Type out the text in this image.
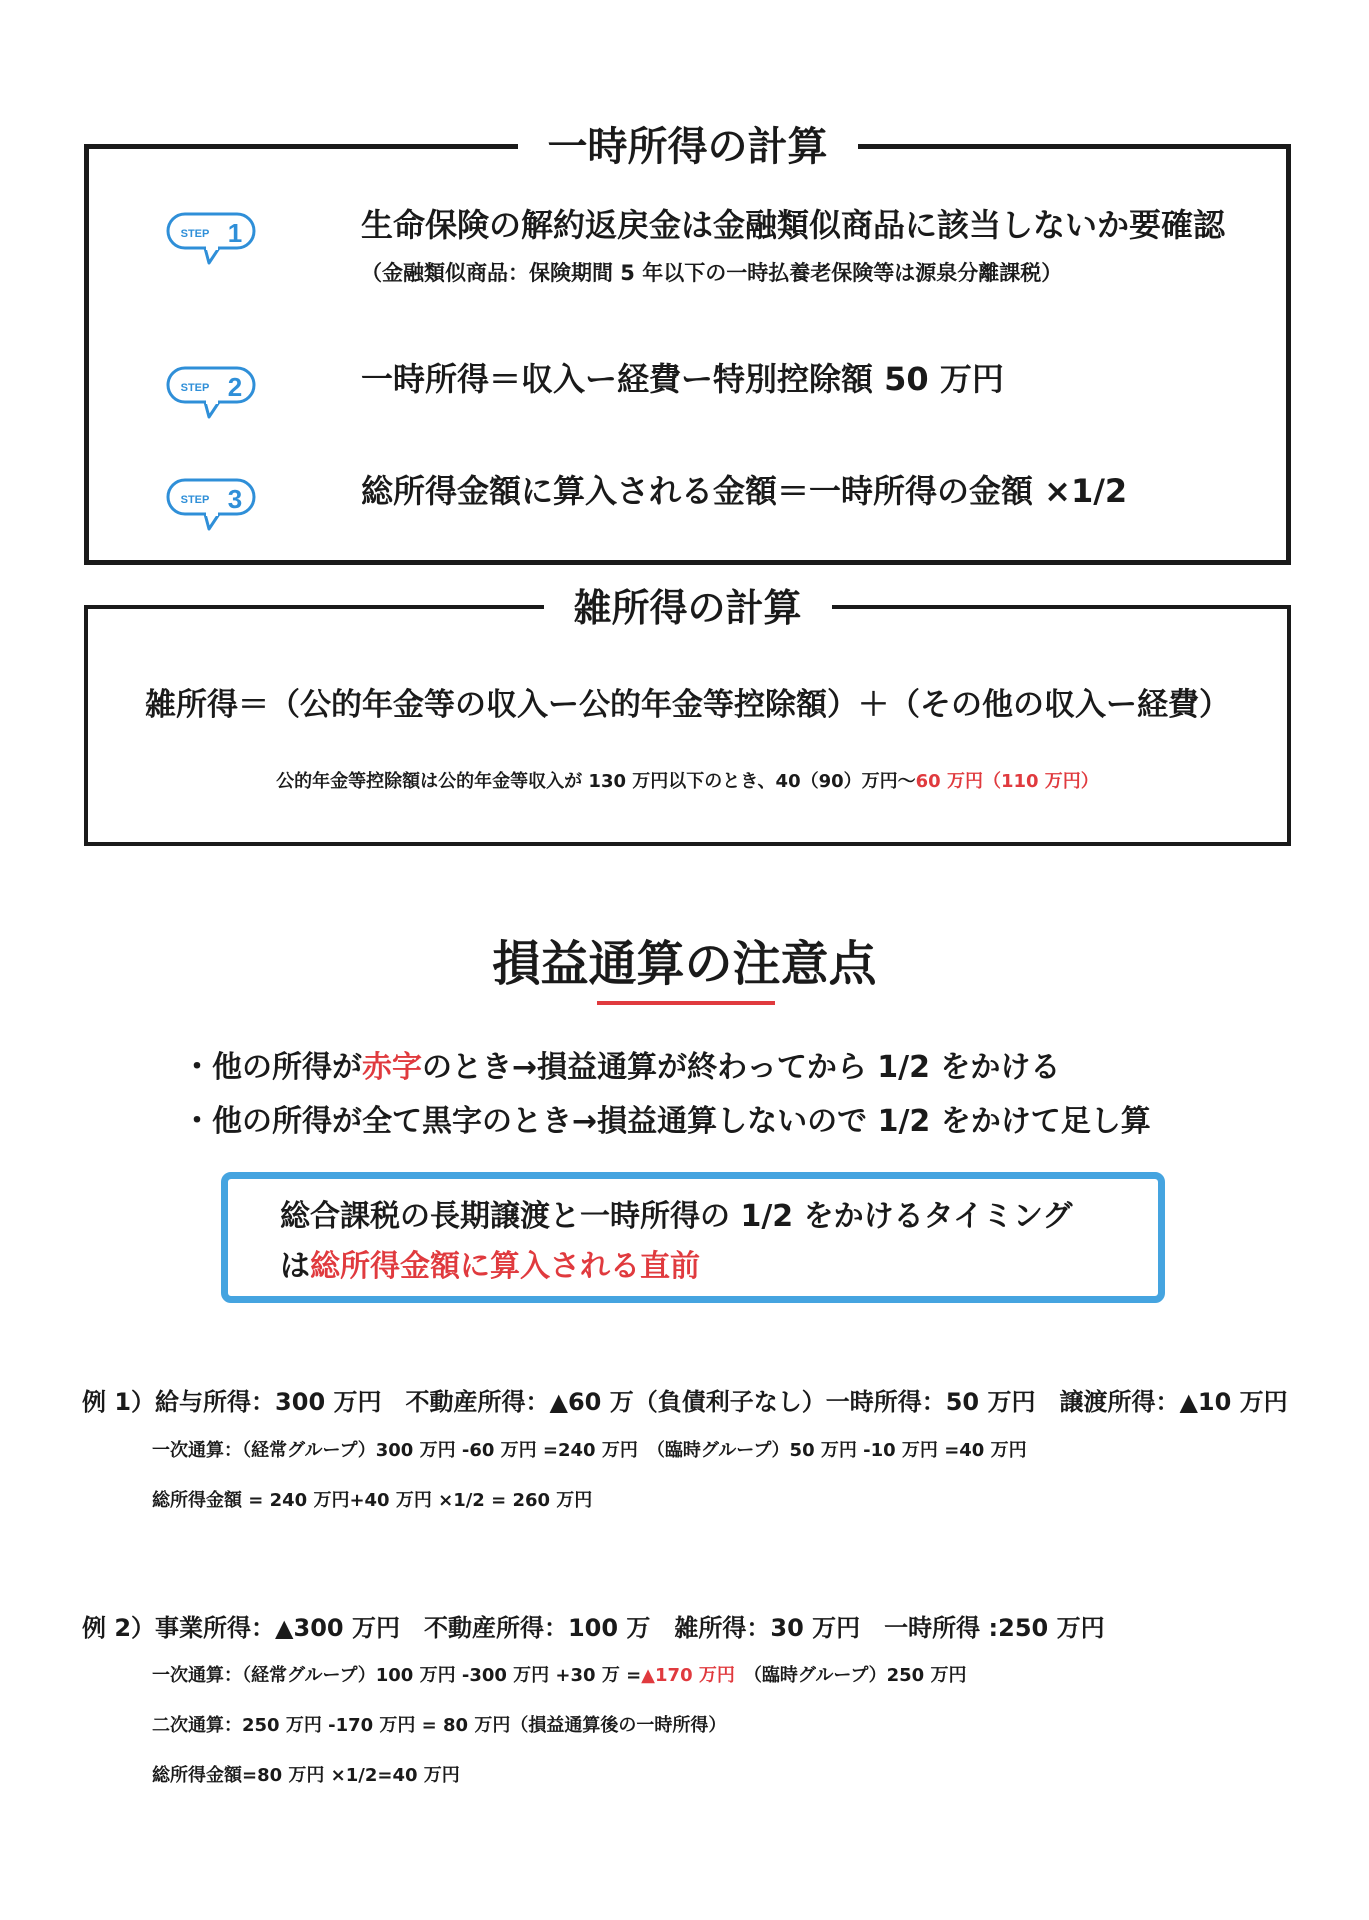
一時所得の計算
STEP 1	生命保険の解約返戻金は金融類似商品に該当しないか要確認
（金融類似商品：保険期間 5 年以下の一時払養老保険等は源泉分離課税）
STEP 2	一時所得＝収入ー経費ー特別控除額 50 万円
STEP 3	総所得金額に算入される金額＝一時所得の金額 ×1/2
雑所得の計算
雑所得＝（公的年金等の収入ー公的年金等控除額）＋（その他の収入ー経費）
公的年金等控除額は公的年金等収入が 130 万円以下のとき、40（90）万円〜60 万円（110 万円）
損益通算の注意点
・他の所得が赤字のとき→損益通算が終わってから 1/2 をかける
・他の所得が全て黒字のとき→損益通算しないので 1/2 をかけて足し算
総合課税の長期譲渡と一時所得の 1/2 をかけるタイミング
は総所得金額に算入される直前
例 1）給与所得：300 万円　不動産所得：▲60 万（負債利子なし）一時所得：50 万円　譲渡所得：▲10 万円
一次通算：（経常グループ）300 万円 -60 万円 =240 万円　（臨時グループ）50 万円 -10 万円 =40 万円
総所得金額 = 240 万円+40 万円 ×1/2 = 260 万円
例 2）事業所得：▲300 万円　不動産所得：100 万　雑所得：30 万円　一時所得 :250 万円
一次通算：（経常グループ）100 万円 -300 万円 +30 万 =▲170 万円　（臨時グループ）250 万円
二次通算：250 万円 -170 万円 = 80 万円（損益通算後の一時所得）
総所得金額=80 万円 ×1/2=40 万円
